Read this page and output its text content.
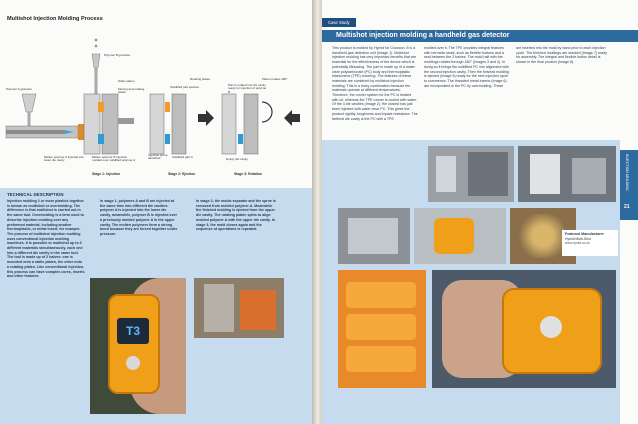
Multishot Injection Molding Process
Polymer B granules
Polymer A granules
Static platen
Moving and rotating platen
Solidified part ejected
Rotating platen
Part is rotated into the cavity ready for injection of polymer B
Platen rotates 180°
Molten polymer A injected into lower die cavity
Molten polymer B injection molded over solidified polymer A
Injection sprue detached	Solidified part A	Empty die cavity
Stage 1: Injection	Stage 2: Ejection	Stage 3: Rotation
TECHNICAL DESCRIPTION
Injection molding 2 or more plastics together is known as multishot or overmolding. The difference is that multishot is carried out in the same tool. Overmolding is a term used to describe injection molding over any preformed material, including another thermoplastic, or metal insert, for example. The process of multishot injection molding uses conventional injection molding machines. It is possible to multishot up to 6 different materials simultaneously, each one into a different die cavity in the same tool. The tool is made up of 2 halves: one is mounted onto a static platen, the other onto a rotating platen. Like conventional injection, this process can have complex cores, inserts and other features.
In stage 1, polymers A and B are injected at the same time into different die cavities: polymer A is injected into the lower die cavity, meanwhile, polymer B is injected over a previously molded polymer A in the upper cavity. The molten polymers form a strong bond because they are forced together under pressure.
In stage 2, the molds separate and the sprue is removed from molded polymer A. Meanwhile the finished molding is ejected from the upper die cavity. The rotating platen spins to align molded polymer A with the upper die cavity. In stage 3, the mold closes again and the sequence of operations is repeated.
T3
Case Study
Multishot injection molding a handheld gas detector
This product is molded by Hymid for Crowcon. It is a handheld gas detection unit (Image 1). Multishot injection molding has very important benefits that are essential for the effectiveness of the device which is potentially lifesaving. The part is made up of a water clear polycarbonate (PC) body and thermoplastic elastomeric (TPE) covering. The features of these materials are combined by multishot injection molding. This is a tricky combination because the materials operate at different temperatures. Therefore, the runner system for the PC is heated with oil, whereas the TPE runner is cooled with water. Of the 4 die cavities (Image 2), the closest has just been injected with water clear PC. This gives the product rigidity, toughness and impact resistance. The farthest die cavity is the PC with a TPE
molded over it. The TPE provides integral features with hermetic seals, such as flexible buttons and a seal between the 2 halves. The mold half with the moldings rotates through 180° (Images 3 and 4). In doing so it brings the solidified PC into alignment with the second injection cavity. Then the finished molding is ejected (Image 5) ready for the next injection cycle to commence. The threaded metal inserts (Image 6) are incorporated in the PC by overmolding. These
are inserted into the mold by hand prior to each injection cycle. The finished moldings are stacked (Image 7) ready for assembly. The integral and flexible button detail is shown in the final product (Image 8).
INJECTION MOLDING
21
Featured Manufacturer
Hymid Multi-Shot
www.hymid.co.uk
